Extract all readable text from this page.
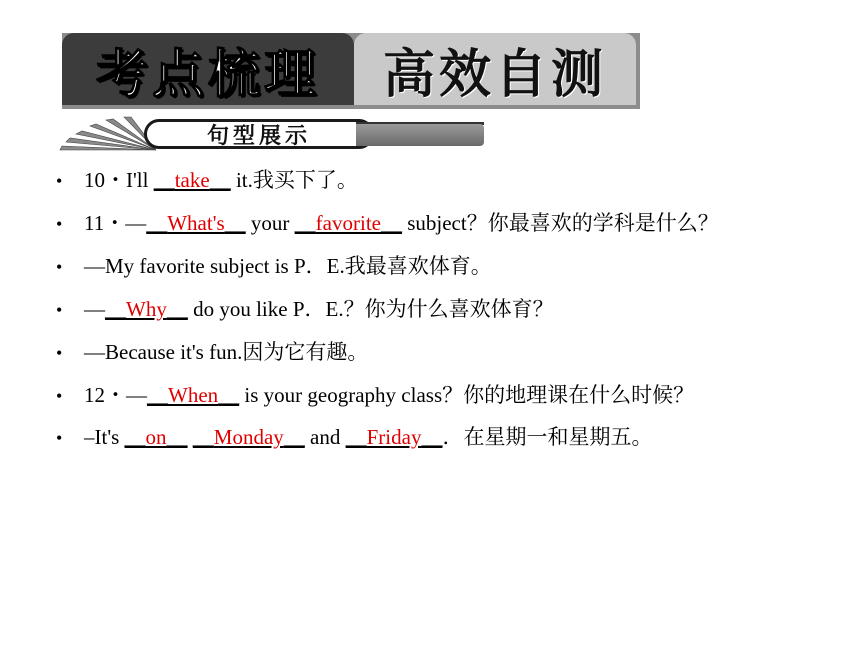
考点梳理 高效自测
句型展示
• 10・I'll __take__ it.我买下了。
• 11・—__What's__ your __favorite__ subject？你最喜欢的学科是什么？
• —My favorite subject is P．E.我最喜欢体育。
• —__Why__ do you like P．E.？你为什么喜欢体育？
• —Because it's fun.因为它有趣。
• 12・—__When__ is your geography class？你的地理课在什么时候？
• –It's __on__ __Monday__ and __Friday__．在星期一和星期五。
